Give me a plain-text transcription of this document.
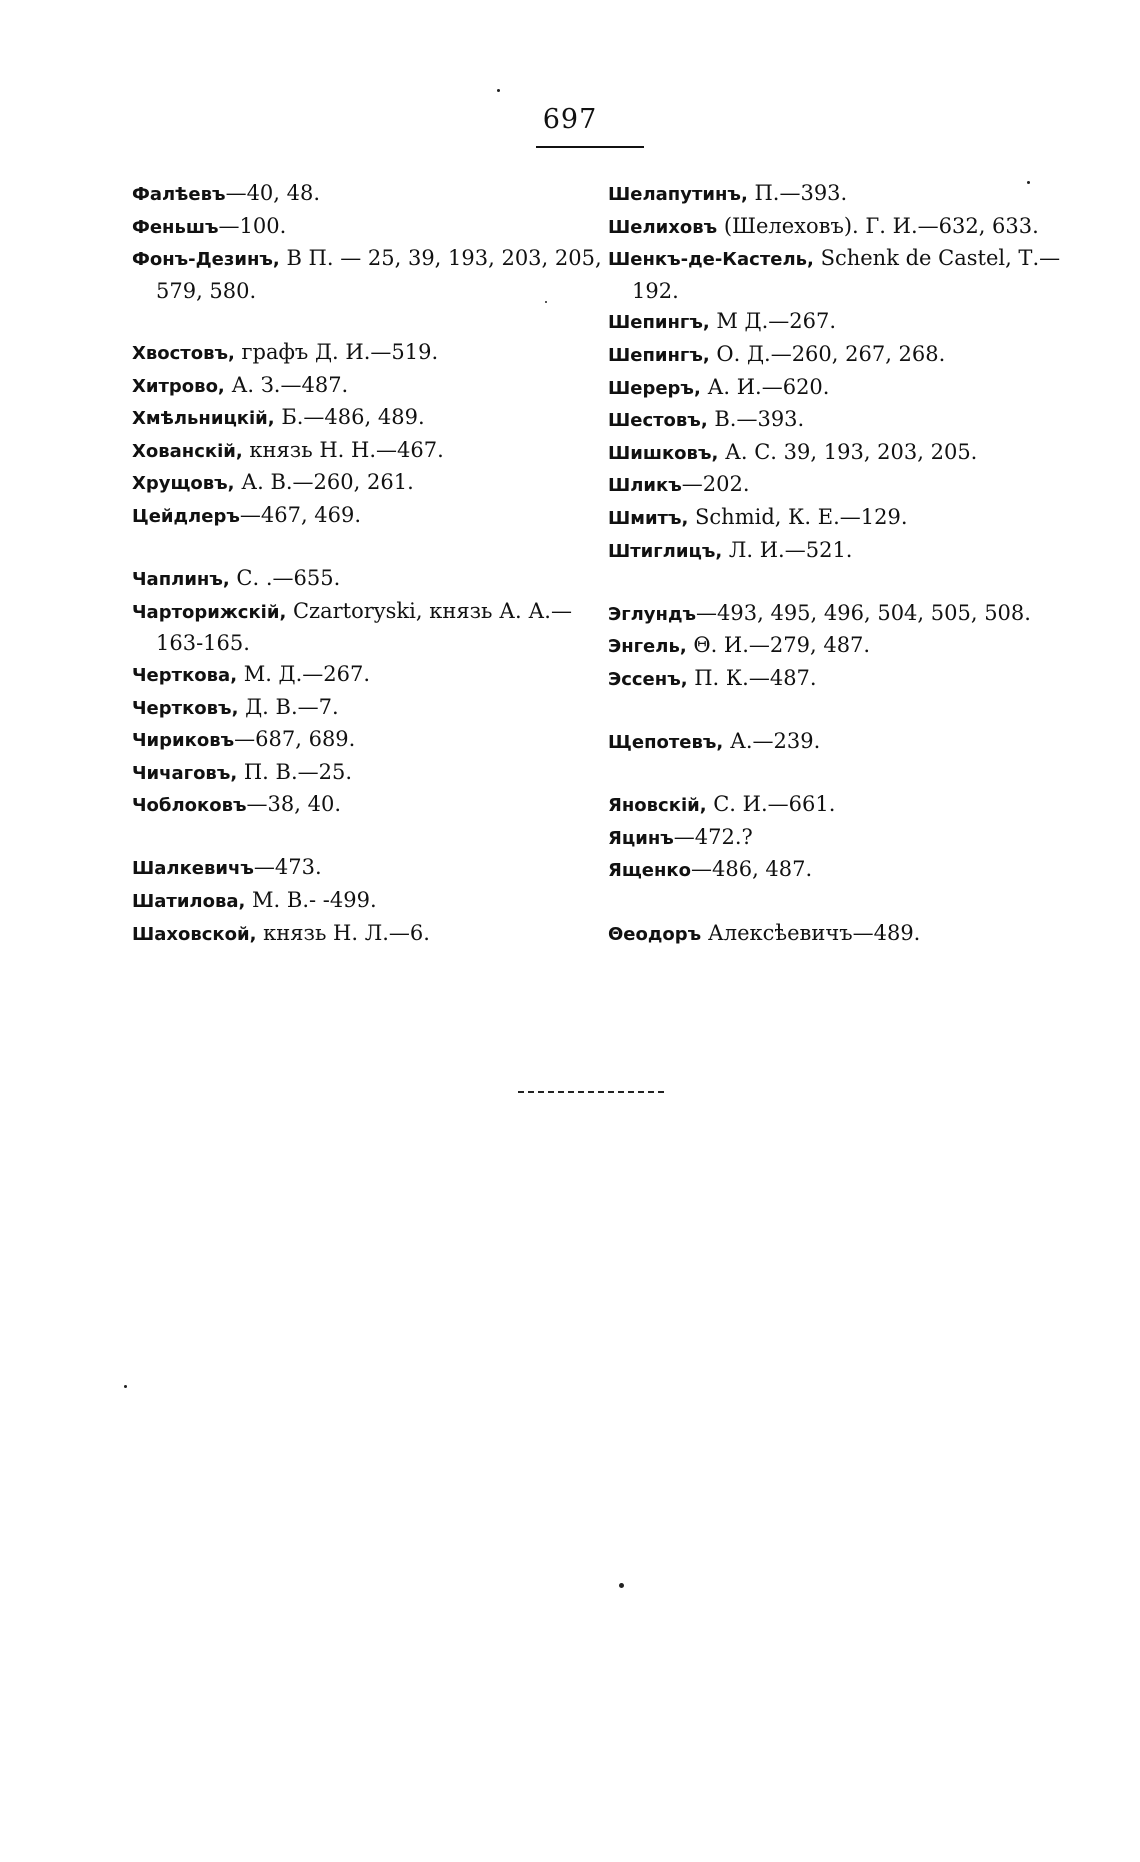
697

Фалѣевъ—40, 48.

Феньшъ—100.

Фонъ-Дезинъ, В П. — 25, 39, 193, 203, 205, 579, 580.

Хвостовъ, графъ Д. И.—519.

Хитрово, А. З.—487.

Хмѣльницкій, Б.—486, 489.

Хованскій, князь Н. Н.—467.

Хрущовъ, А. В.—260, 261.

Цейдлеръ—467, 469.

Чаплинъ, С. .—655.

Чарторижскій, Czartoryski, князь А. А.—163-165.

Черткова, М. Д.—267.

Чертковъ, Д. В.—7.

Чириковъ—687, 689.

Чичаговъ, П. В.—25.

Чоблоковъ—38, 40.

Шалкевичъ—473.

Шатилова, М. В.- -499.

Шаховской, князь Н. Л.—6.

Шелапутинъ, П.—393.

Шелиховъ (Шелеховъ). Г. И.—632, 633.

Шенкъ-де-Кастель, Schenk de Castel, Т.—192.

Шепингъ, М Д.—267.

Шепингъ, О. Д.—260, 267, 268.

Шереръ, А. И.—620.

Шестовъ, В.—393.

Шишковъ, А. С. 39, 193, 203, 205.

Шликъ—202.

Шмитъ, Schmid, К. Е.—129.

Штиглицъ, Л. И.—521.

Эглундъ—493, 495, 496, 504, 505, 508.

Энгель, Θ. И.—279, 487.

Эссенъ, П. К.—487.

Щепотевъ, А.—239.

Яновскій, С. И.—661.

Яцинъ—472.?

Ященко—486, 487.

Θеодоръ Алексѣевичъ—489.
